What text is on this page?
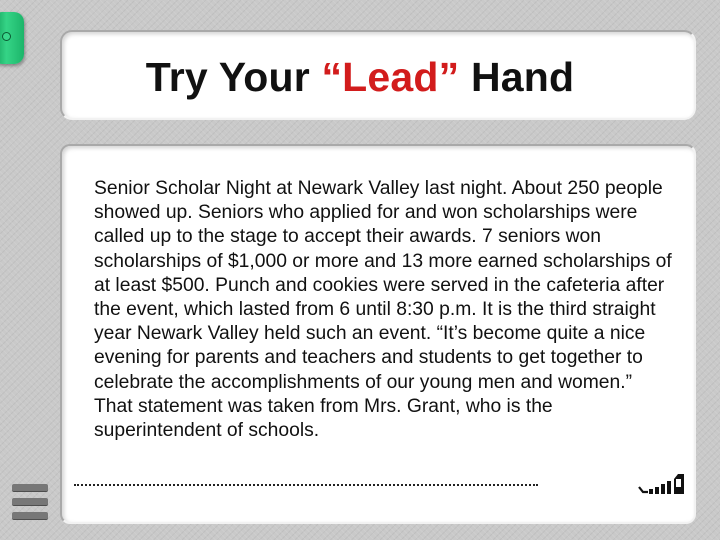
Try Your “Lead” Hand

Senior Scholar Night at Newark Valley last night. About 250 people showed up. Seniors who applied for and won scholarships were called up to the stage to accept their awards. 7 seniors won scholarships of $1,000 or more and 13 more earned scholarships of at least $500. Punch and cookies were served in the cafeteria after the event, which lasted from 6 until 8:30 p.m. It is the third straight year Newark Valley held such an event. “It’s become quite a nice evening for parents and teachers and students to get together to celebrate the accomplishments of our young men and women.” That statement was taken from Mrs. Grant, who is the superintendent of schools.
